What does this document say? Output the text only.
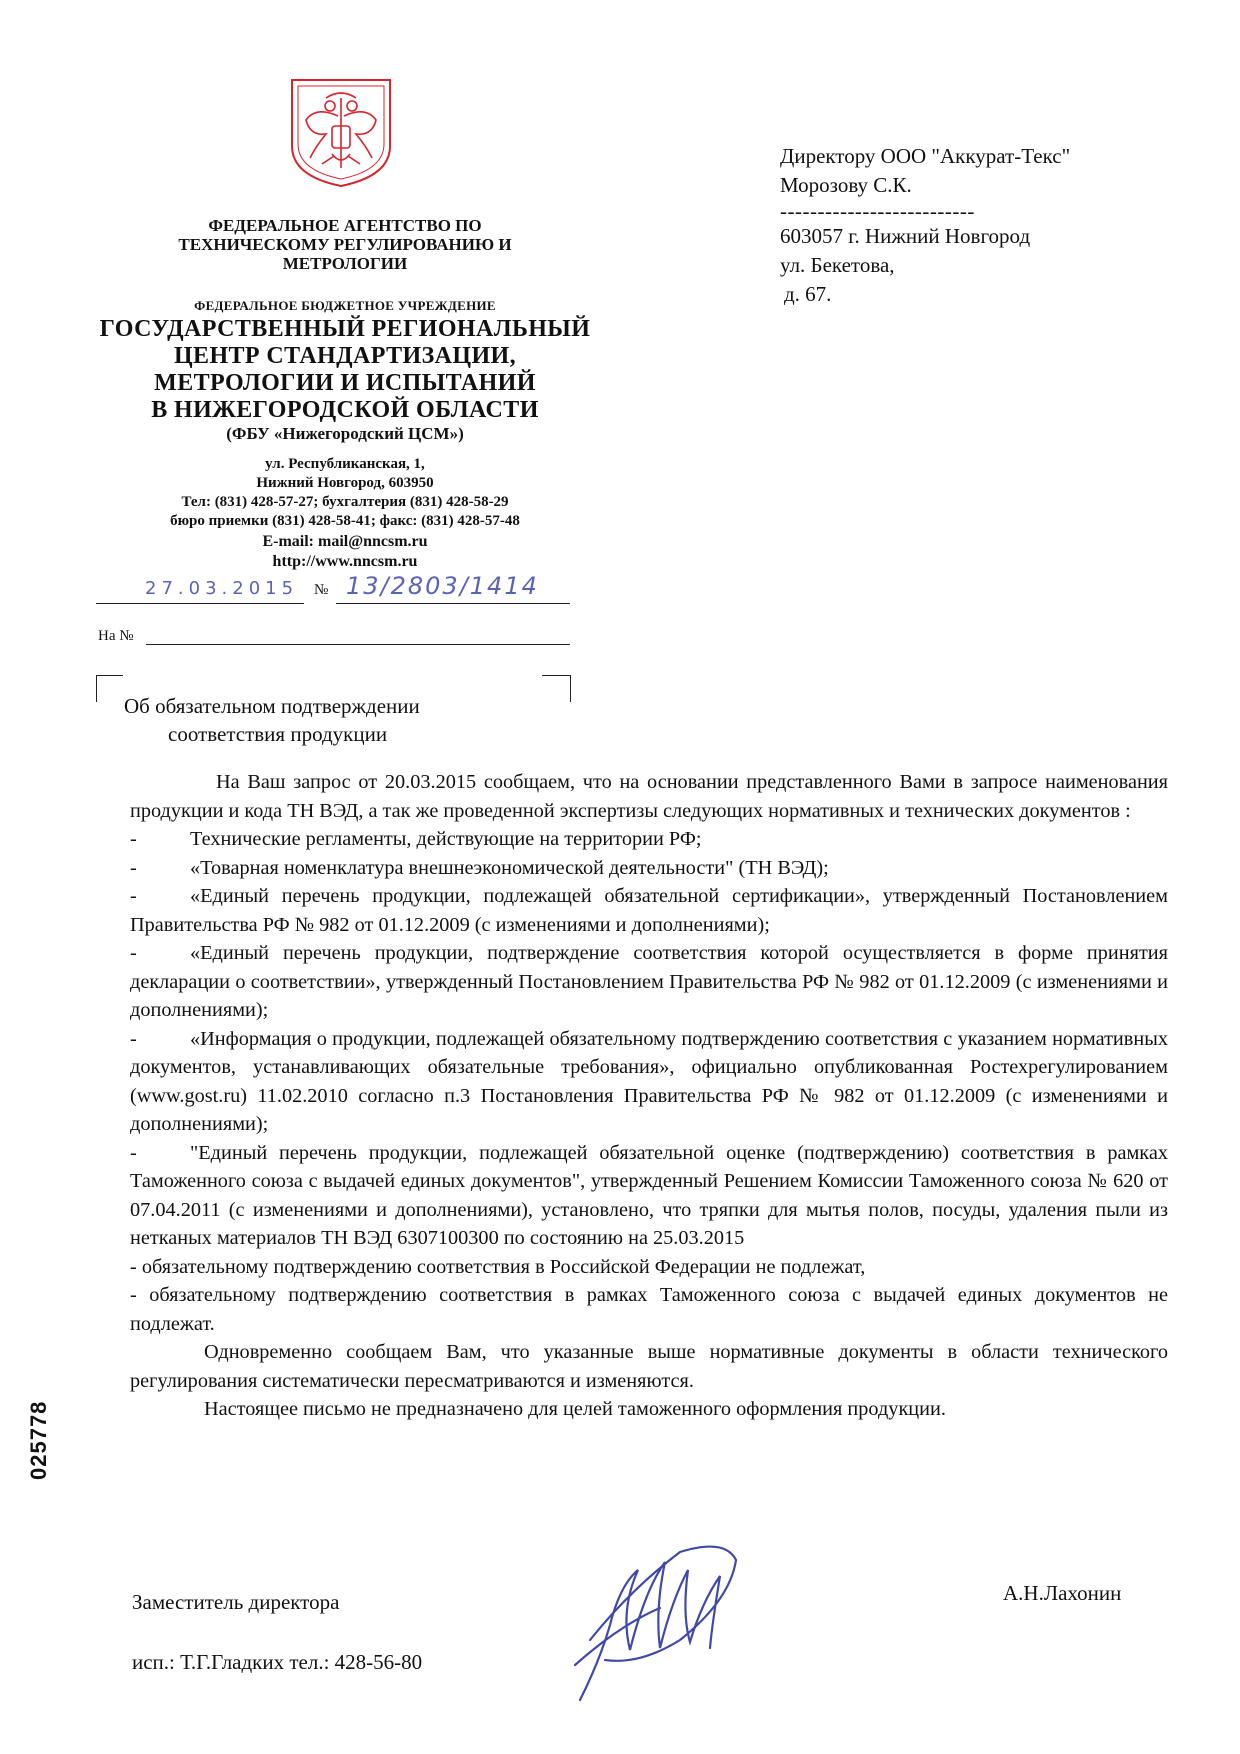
ФЕДЕРАЛЬНОЕ АГЕНТСТВО ПО
ТЕХНИЧЕСКОМУ РЕГУЛИРОВАНИЮ И
МЕТРОЛОГИИ
ФЕДЕРАЛЬНОЕ БЮДЖЕТНОЕ УЧРЕЖДЕНИЕ
ГОСУДАРСТВЕННЫЙ РЕГИОНАЛЬНЫЙ
ЦЕНТР СТАНДАРТИЗАЦИИ,
МЕТРОЛОГИИ И ИСПЫТАНИЙ
В НИЖЕГОРОДСКОЙ ОБЛАСТИ
(ФБУ «Нижегородский ЦСМ»)
ул. Республиканская, 1,
Нижний Новгород, 603950
Тел: (831) 428-57-27; бухгалтерия (831) 428-58-29
бюро приемки (831) 428-58-41; факс: (831) 428-57-48
E-mail: mail@nncsm.ru
http://www.nncsm.ru
27.03.2015 № 13/2803/1414
На №
Об обязательном подтверждении
соответствия продукции
Директору ООО "Аккурат-Текс"
Морозову С.К.
--------------------------
603057 г. Нижний Новгород
ул. Бекетова,
д. 67.

На Ваш запрос от 20.03.2015 сообщаем, что на основании представленного Вами в запросе наименования продукции и кода ТН ВЭД, а так же проведенной экспертизы следующих нормативных и технических документов :

-	Технические регламенты, действующие на территории РФ;
-	«Товарная номенклатура внешнеэкономической деятельности" (ТН ВЭД);
-	«Единый перечень продукции, подлежащей обязательной сертификации», утвержденный Постановлением Правительства РФ № 982 от 01.12.2009 (с изменениями и дополнениями);
-	«Единый перечень продукции, подтверждение соответствия которой осуществляется в форме принятия декларации о соответствии», утвержденный Постановлением Правительства РФ № 982 от 01.12.2009 (с изменениями и дополнениями);
-	«Информация о продукции, подлежащей обязательному подтверждению соответствия с указанием нормативных документов, устанавливающих обязательные требования», официально опубликованная Ростехрегулированием (www.gost.ru) 11.02.2010 согласно п.3 Постановления Правительства РФ № 982 от 01.12.2009 (с изменениями и дополнениями);
-	"Единый перечень продукции, подлежащей обязательной оценке (подтверждению) соответствия в рамках Таможенного союза с выдачей единых документов", утвержденный Решением Комиссии Таможенного союза № 620 от 07.04.2011 (с изменениями и дополнениями), установлено, что тряпки для мытья полов, посуды, удаления пыли из нетканых материалов ТН ВЭД 6307100300 по состоянию на 25.03.2015

- обязательному подтверждению соответствия в Российской Федерации не подлежат,

- обязательному подтверждению соответствия в рамках Таможенного союза с выдачей единых документов не подлежат.

Одновременно сообщаем Вам, что указанные выше нормативные документы в области технического регулирования систематически пересматриваются и изменяются.

Настоящее письмо не предназначено для целей таможенного оформления продукции.

025778
Заместитель директора	А.Н.Лахонин
исп.: Т.Г.Гладких тел.: 428-56-80
